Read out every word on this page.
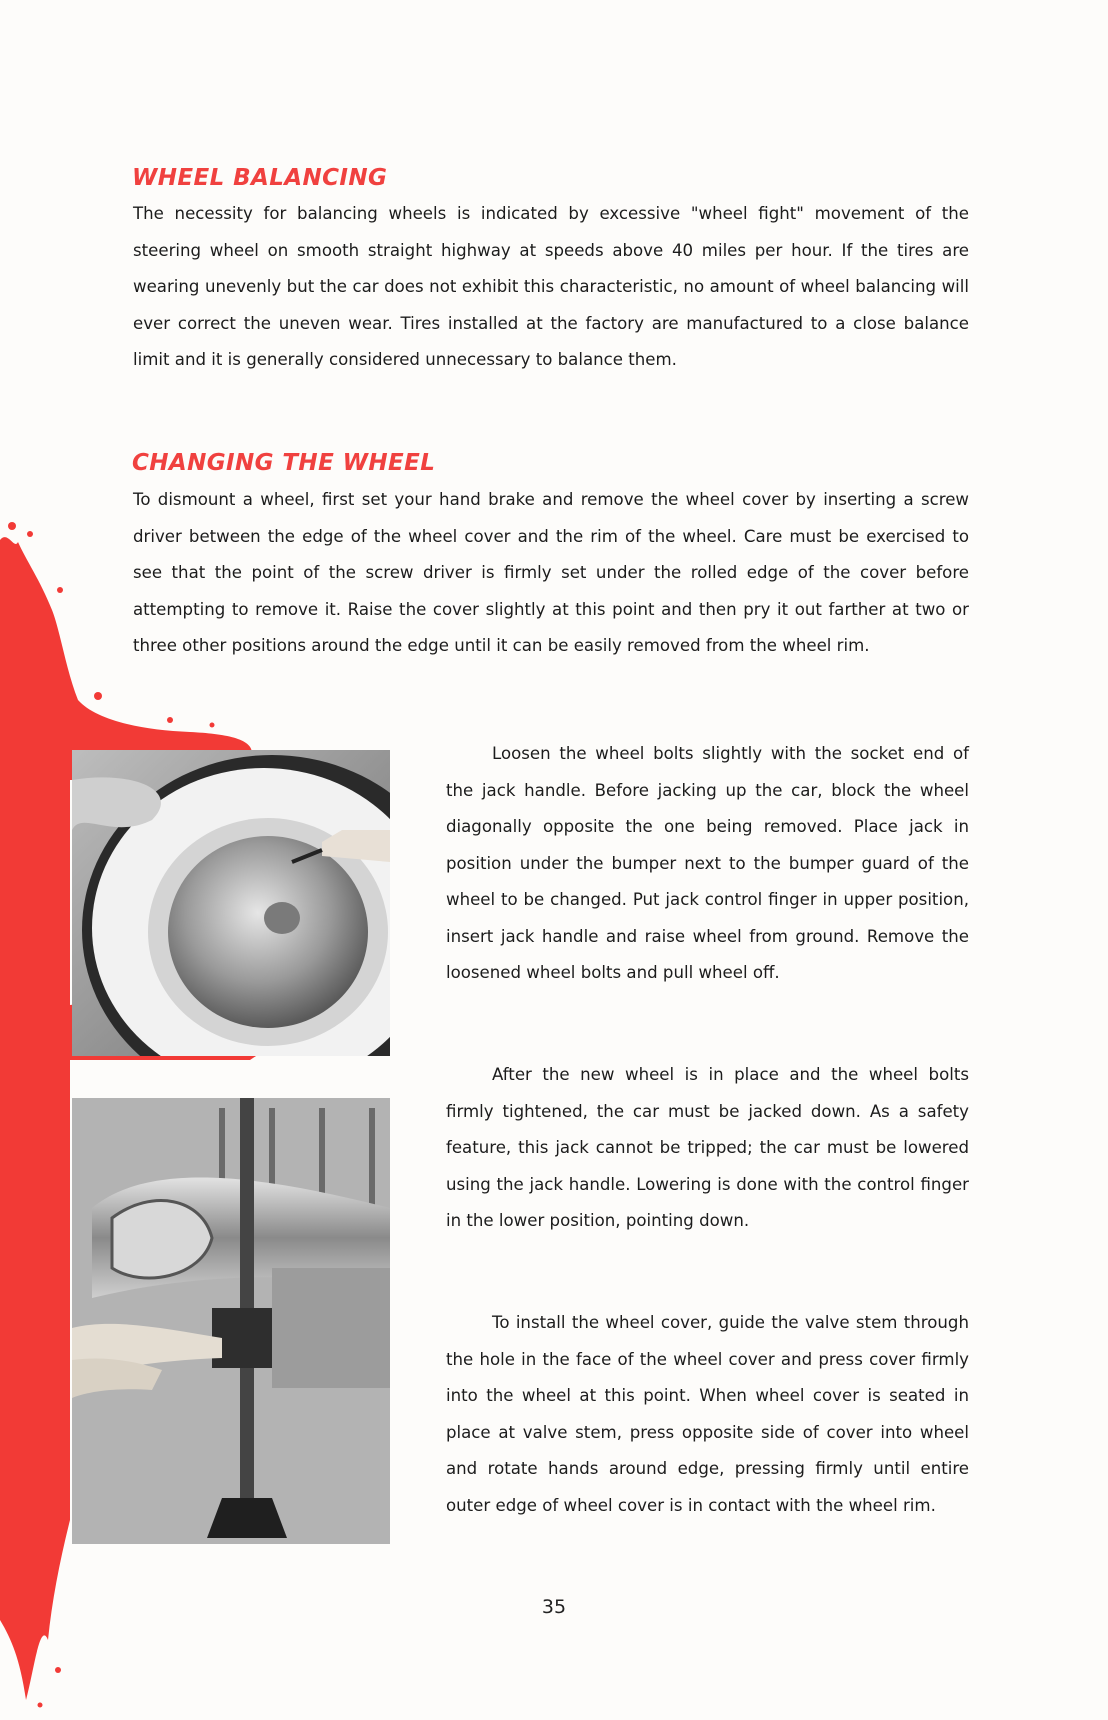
WHEEL BALANCING

The necessity for balancing wheels is indicated by excessive "wheel fight" movement of the steering wheel on smooth straight highway at speeds above 40 miles per hour. If the tires are wearing unevenly but the car does not exhibit this characteristic, no amount of wheel balancing will ever correct the uneven wear. Tires installed at the factory are manufactured to a close balance limit and it is generally considered unnecessary to balance them.

CHANGING THE WHEEL

To dismount a wheel, first set your hand brake and remove the wheel cover by inserting a screw driver between the edge of the wheel cover and the rim of the wheel. Care must be exercised to see that the point of the screw driver is firmly set under the rolled edge of the cover before attempting to remove it. Raise the cover slightly at this point and then pry it out farther at two or three other positions around the edge until it can be easily removed from the wheel rim.

Loosen the wheel bolts slightly with the socket end of the jack handle. Before jacking up the car, block the wheel diagonally opposite the one being removed. Place jack in position under the bumper next to the bumper guard of the wheel to be changed. Put jack control finger in upper position, insert jack handle and raise wheel from ground. Remove the loosened wheel bolts and pull wheel off.

After the new wheel is in place and the wheel bolts firmly tightened, the car must be jacked down. As a safety feature, this jack cannot be tripped; the car must be lowered using the jack handle. Lowering is done with the control finger in the lower position, pointing down.

To install the wheel cover, guide the valve stem through the hole in the face of the wheel cover and press cover firmly into the wheel at this point. When wheel cover is seated in place at valve stem, press opposite side of cover into wheel and rotate hands around edge, pressing firmly until entire outer edge of wheel cover is in contact with the wheel rim.

35
